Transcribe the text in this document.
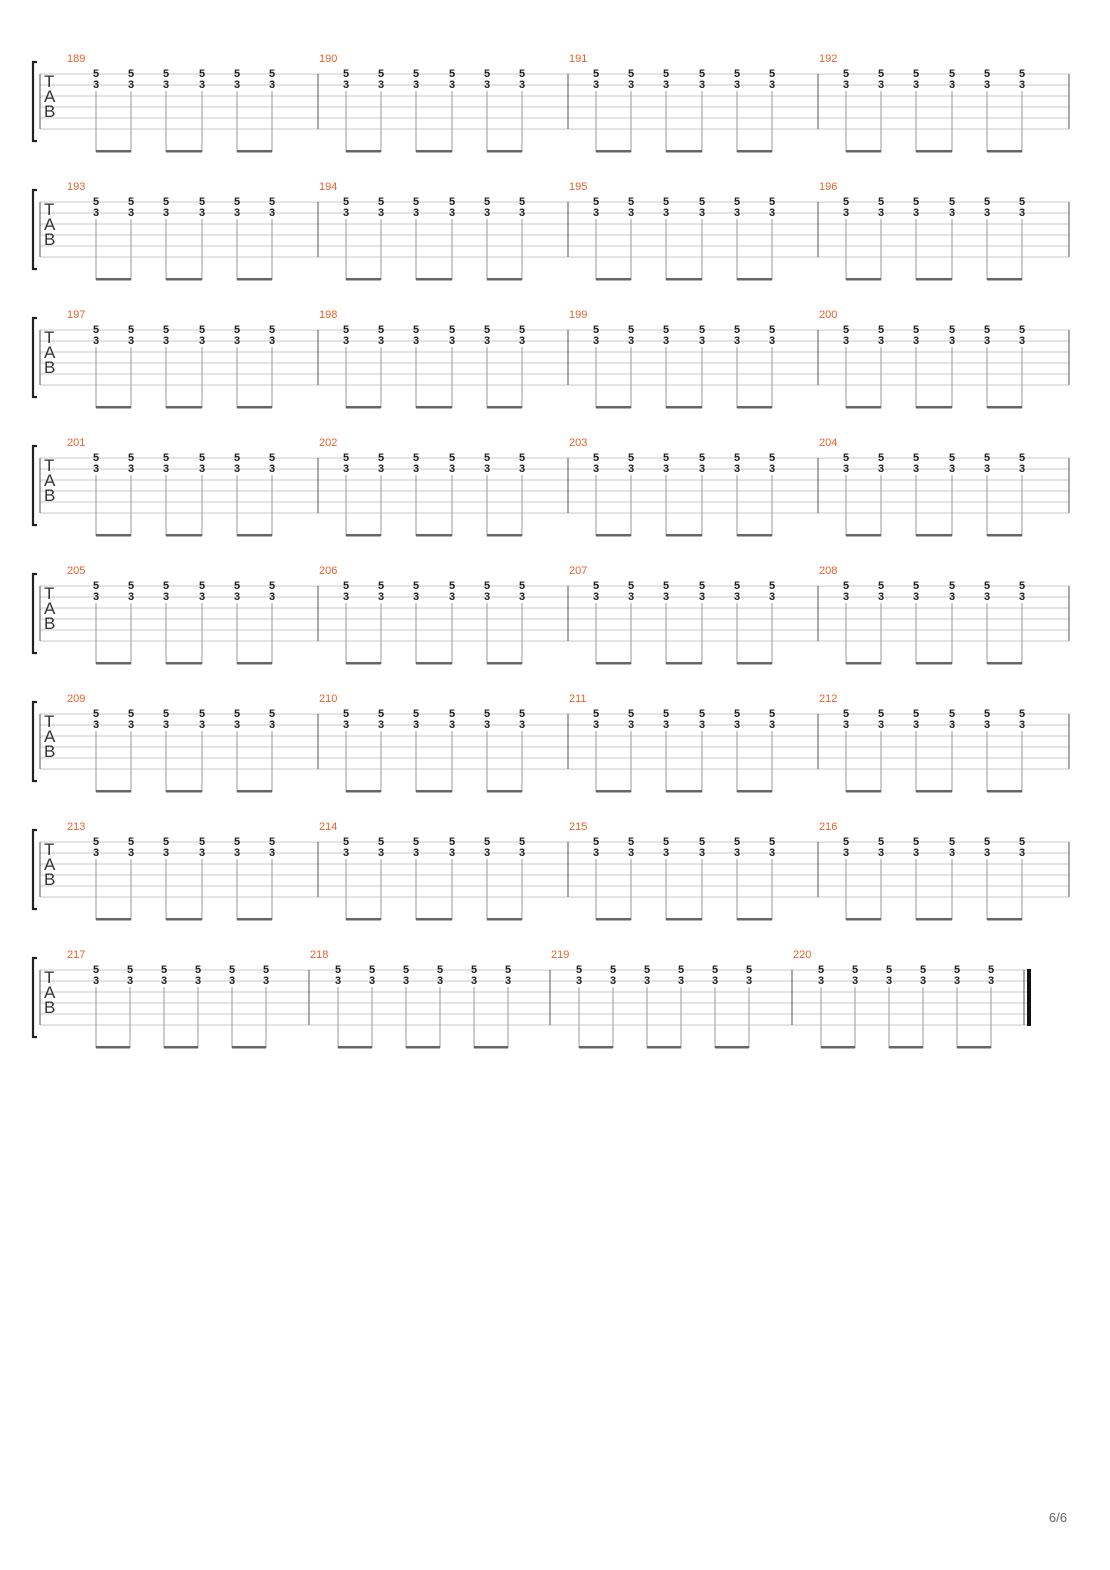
T
A
B
189
5
3
5
3
5
3
5
3
5
3
5
3
190
5
3
5
3
5
3
5
3
5
3
5
3
191
5
3
5
3
5
3
5
3
5
3
5
3
192
5
3
5
3
5
3
5
3
5
3
5
3
T
A
B
193
5
3
5
3
5
3
5
3
5
3
5
3
194
5
3
5
3
5
3
5
3
5
3
5
3
195
5
3
5
3
5
3
5
3
5
3
5
3
196
5
3
5
3
5
3
5
3
5
3
5
3
T
A
B
197
5
3
5
3
5
3
5
3
5
3
5
3
198
5
3
5
3
5
3
5
3
5
3
5
3
199
5
3
5
3
5
3
5
3
5
3
5
3
200
5
3
5
3
5
3
5
3
5
3
5
3
T
A
B
201
5
3
5
3
5
3
5
3
5
3
5
3
202
5
3
5
3
5
3
5
3
5
3
5
3
203
5
3
5
3
5
3
5
3
5
3
5
3
204
5
3
5
3
5
3
5
3
5
3
5
3
T
A
B
205
5
3
5
3
5
3
5
3
5
3
5
3
206
5
3
5
3
5
3
5
3
5
3
5
3
207
5
3
5
3
5
3
5
3
5
3
5
3
208
5
3
5
3
5
3
5
3
5
3
5
3
T
A
B
209
5
3
5
3
5
3
5
3
5
3
5
3
210
5
3
5
3
5
3
5
3
5
3
5
3
211
5
3
5
3
5
3
5
3
5
3
5
3
212
5
3
5
3
5
3
5
3
5
3
5
3
T
A
B
213
5
3
5
3
5
3
5
3
5
3
5
3
214
5
3
5
3
5
3
5
3
5
3
5
3
215
5
3
5
3
5
3
5
3
5
3
5
3
216
5
3
5
3
5
3
5
3
5
3
5
3
T
A
B
217
5
3
5
3
5
3
5
3
5
3
5
3
218
5
3
5
3
5
3
5
3
5
3
5
3
219
5
3
5
3
5
3
5
3
5
3
5
3
220
5
3
5
3
5
3
5
3
5
3
5
3
6/6
